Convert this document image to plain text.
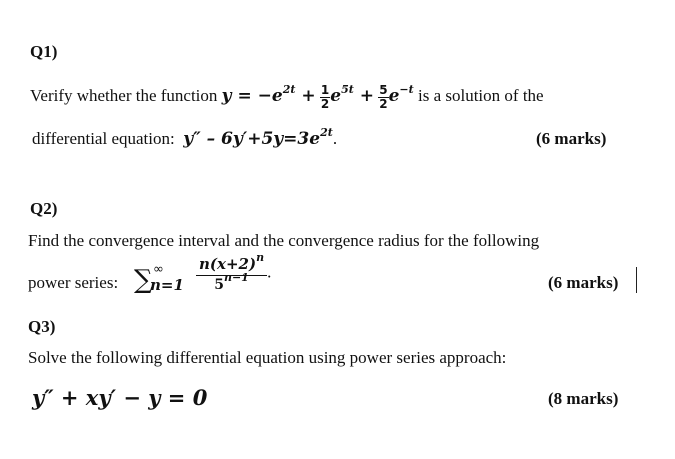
Q1)
Verify whether the function $y = -e^{2t} + \frac{1}{2} e^{5t} + \frac{5}{2} e^{-t}$ is a solution of the
differential equation: $y'' - 6y'+5y=3e^{2t}$.	(6 marks)
Q2)
Find the convergence interval and the convergence radius for the following
power series: ∑ ∞
$n=1 \frac{n(x+2)^n}{5^{n-1}}$ .
(6 marks)
Q3)
Solve the following differential equation using power series approach:
y″ + xy′ − y = 0	(8 marks)
